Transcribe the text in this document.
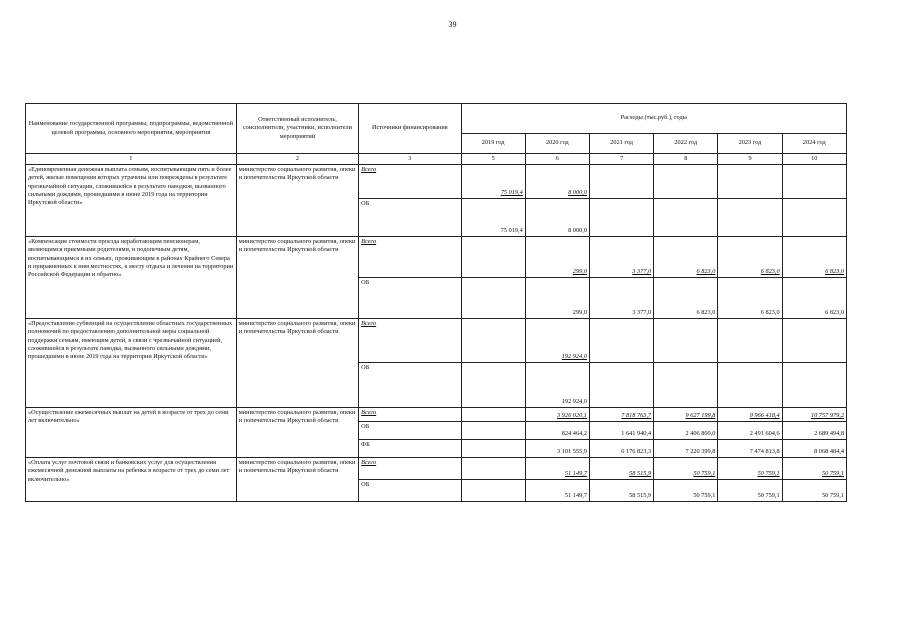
39
Наименование государственной программы, подпрограммы, ведомственной целевой программы, основного мероприятия, мероприятия	Ответственный исполнитель, соисполнители, участники, исполнители мероприятий	Источники финансирования	Расходы (тыс.руб.), годы					
			2019 год	2020 год	2021 год	2022 год	2023 год	2024 год
1	2	3	5	6	7	8	9	10
«Единовременная денежная выплата семьям, воспитывающим пять и более детей, жилые помещения которых утрачены или повреждены в результате чрезвычайной ситуации, сложившейся в результате паводков, вызванного сильными дождями, прошедшими в июне 2019 года на территории Иркутской области»	министерство социального развития, опеки и попечительства Иркутской области	Всего	75 019,4	8 000,0				
		ОБ	75 019,4	8 000,0				
«Компенсация стоимости проезда неработающим пенсионерам, являющимся приемными родителями, и подопечным детям, воспитывающимся в их семьях, проживающим в районах Крайнего Севера и приравненных к ним местностях, к месту отдыха и лечения на территории Российской Федерации и обратно»	министерство социального развития, опеки и попечительства Иркутской области	Всего		299,0	3 377,0	6 823,0	6 823,0	6 823,0
		ОБ		299,0	3 377,0	6 823,0	6 823,0	6 823,0
«Предоставление субвенций на осуществление областных государственных полномочий по предоставлению дополнительной меры социальной поддержки семьям, имеющим детей, в связи с чрезвычайной ситуацией, сложившейся в результате паводка, вызванного сильными дождями, прошедшими в июне 2019 года на территории Иркутской области»	министерство социального развития, опеки и попечительства Иркутской области	Всего		192 924,0				
		ОБ		192 924,0				
«Осуществление ежемесячных выплат на детей в возрасте от трех до семи лет включительно»	министерство социального развития, опеки и попечительства Иркутской области	Всего		3 926 020,1	7 818 763,7	9 627 199,8	9 966 418,4	10 757 979,2
		ОБ		824 464,2	1 641 940,4	2 406 800,0	2 491 604,6	2 689 494,8
		ФБ		3 101 555,9	6 176 823,3	7 220 399,8	7 474 813,8	8 068 484,4
«Оплата услуг почтовой связи и банковских услуг для осуществления ежемесячной денежной выплаты на ребенка в возрасте от трех до семи лет включительно»	министерство социального развития, опеки и попечительства Иркутской области	Всего		51 149,7	58 515,9	50 759,1	50 759,1	50 759,1
		ОБ		51 149,7	58 515,9	50 759,1	50 759,1	50 759,1
